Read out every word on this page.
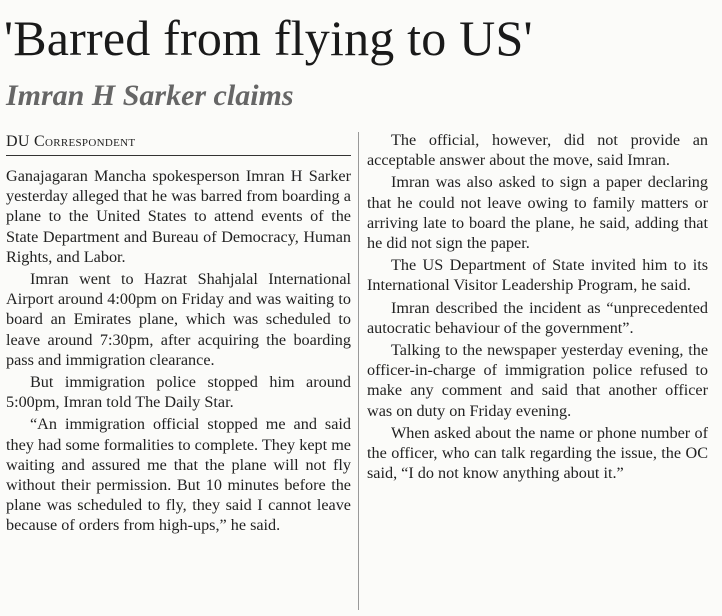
'Barred from flying to US'
Imran H Sarker claims
DU Correspondent

Ganajagaran Mancha spokesperson Imran H Sarker yesterday alleged that he was barred from boarding a plane to the United States to attend events of the State Department and Bureau of Democracy, Human Rights, and Labor.

Imran went to Hazrat Shahjalal International Airport around 4:00pm on Friday and was waiting to board an Emirates plane, which was scheduled to leave around 7:30pm, after acquiring the boarding pass and immigration clearance.

But immigration police stopped him around 5:00pm, Imran told The Daily Star.

“An immigration official stopped me and said they had some formalities to complete. They kept me waiting and assured me that the plane will not fly without their permission. But 10 minutes before the plane was scheduled to fly, they said I cannot leave because of orders from high-ups,” he said.

The official, however, did not provide an acceptable answer about the move, said Imran.

Imran was also asked to sign a paper declaring that he could not leave owing to family matters or arriving late to board the plane, he said, adding that he did not sign the paper.

The US Department of State invited him to its International Visitor Leadership Program, he said.

Imran described the incident as “unprecedented autocratic behaviour of the government”.

Talking to the newspaper yesterday evening, the officer-in-charge of immigration police refused to make any comment and said that another officer was on duty on Friday evening.

When asked about the name or phone number of the officer, who can talk regarding the issue, the OC said, “I do not know anything about it.”
